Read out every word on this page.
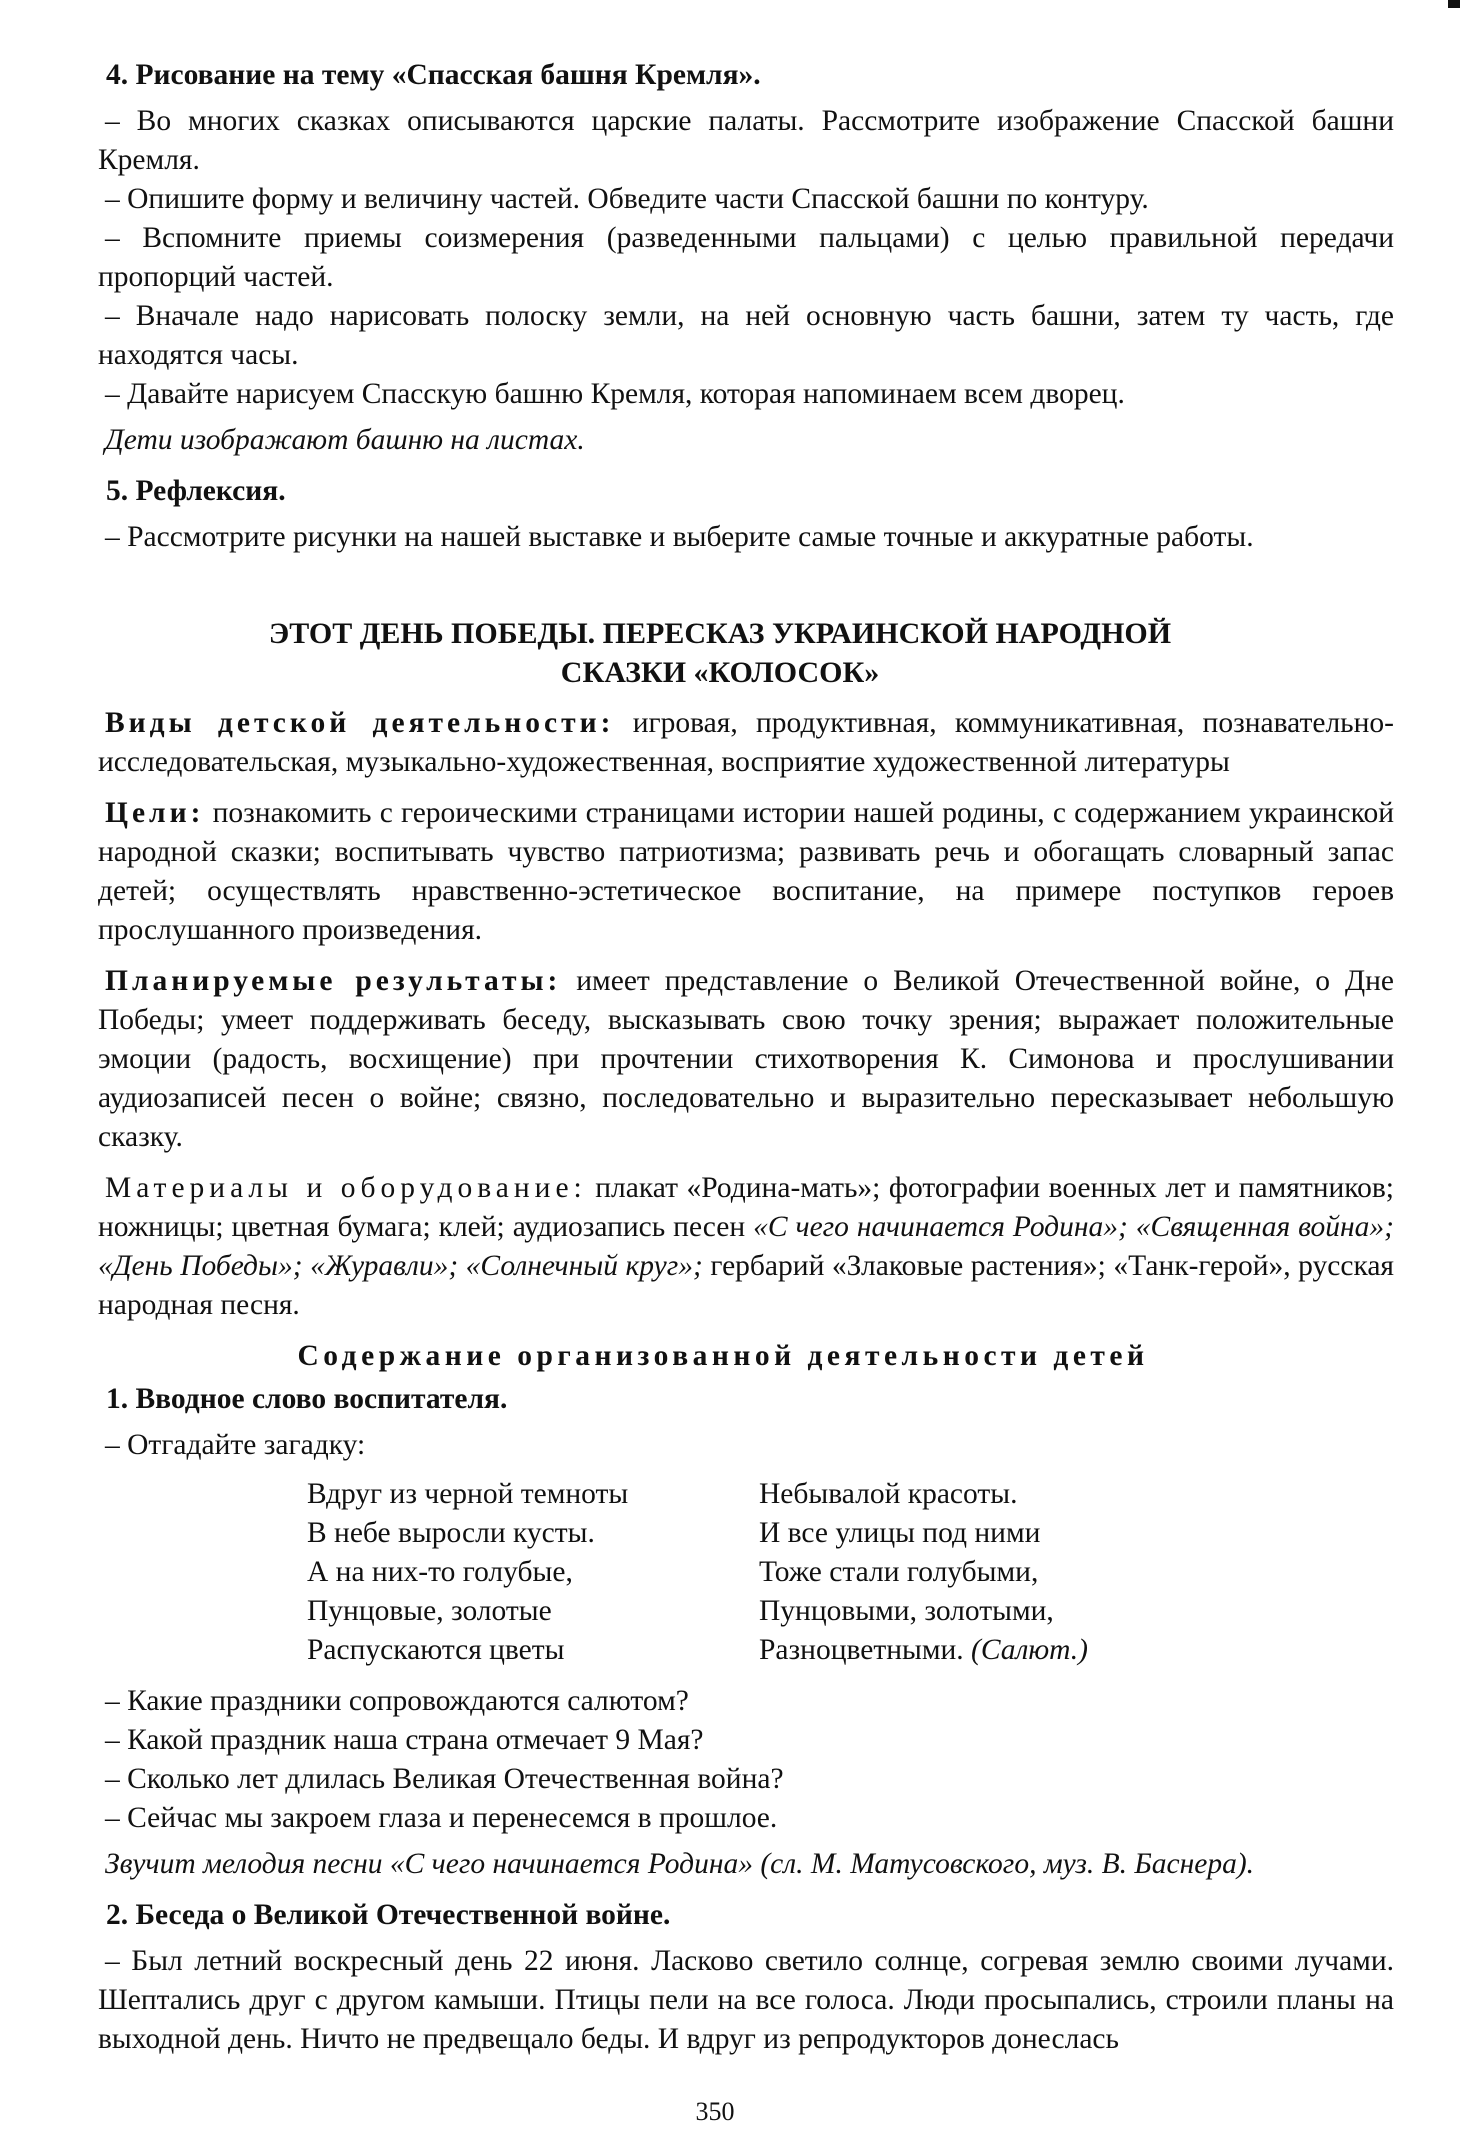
4. Рисование на тему «Спасская башня Кремля».

– Во многих сказках описываются царские палаты. Рассмотрите изображение Спасской башни Кремля.

– Опишите форму и величину частей. Обведите части Спасской башни по контуру.

– Вспомните приемы соизмерения (разведенными пальцами) с целью правильной передачи пропорций частей.

– Вначале надо нарисовать полоску земли, на ней основную часть башни, затем ту часть, где находятся часы.

– Давайте нарисуем Спасскую башню Кремля, которая напоминаем всем дворец.

Дети изображают башню на листах.

5. Рефлексия.

– Рассмотрите рисунки на нашей выставке и выберите самые точные и аккуратные работы.

ЭТОТ ДЕНЬ ПОБЕДЫ. ПЕРЕСКАЗ УКРАИНСКОЙ НАРОДНОЙ
СКАЗКИ «КОЛОСОК»

Виды детской деятельности: игровая, продуктивная, коммуникативная, познавательно-исследовательская, музыкально-художественная, восприятие художественной литературы

Цели: познакомить с героическими страницами истории нашей родины, с содержанием украинской народной сказки; воспитывать чувство патриотизма; развивать речь и обогащать словарный запас детей; осуществлять нравственно-эстетическое воспитание, на примере поступков героев прослушанного произведения.

Планируемые результаты: имеет представление о Великой Отечественной войне, о Дне Победы; умеет поддерживать беседу, высказывать свою точку зрения; выражает положительные эмоции (радость, восхищение) при прочтении стихотворения К. Симонова и прослушивании аудиозаписей песен о войне; связно, последовательно и выразительно пересказывает небольшую сказку.

Материалы и оборудование: плакат «Родина-мать»; фотографии военных лет и памятников; ножницы; цветная бумага; клей; аудиозапись песен «С чего начинается Родина»; «Священная война»; «День Победы»; «Журавли»; «Солнечный круг»; гербарий «Злаковые растения»; «Танк-герой», русская народная песня.

Содержание организованной деятельности детей

1. Вводное слово воспитателя.

– Отгадайте загадку:

Вдруг из черной темноты
В небе выросли кусты.
А на них-то голубые,
Пунцовые, золотые
Распускаются цветы
Небывалой красоты.
И все улицы под ними
Тоже стали голубыми,
Пунцовыми, золотыми,
Разноцветными. (Салют.)

– Какие праздники сопровождаются салютом?

– Какой праздник наша страна отмечает 9 Мая?

– Сколько лет длилась Великая Отечественная война?

– Сейчас мы закроем глаза и перенесемся в прошлое.

Звучит мелодия песни «С чего начинается Родина» (сл. М. Матусовского, муз. В. Баснера).

2. Беседа о Великой Отечественной войне.

– Был летний воскресный день 22 июня. Ласково светило солнце, согревая землю своими лучами. Шептались друг с другом камыши. Птицы пели на все голоса. Люди просыпались, строили планы на выходной день. Ничто не предвещало беды. И вдруг из репродукторов донеслась

350
